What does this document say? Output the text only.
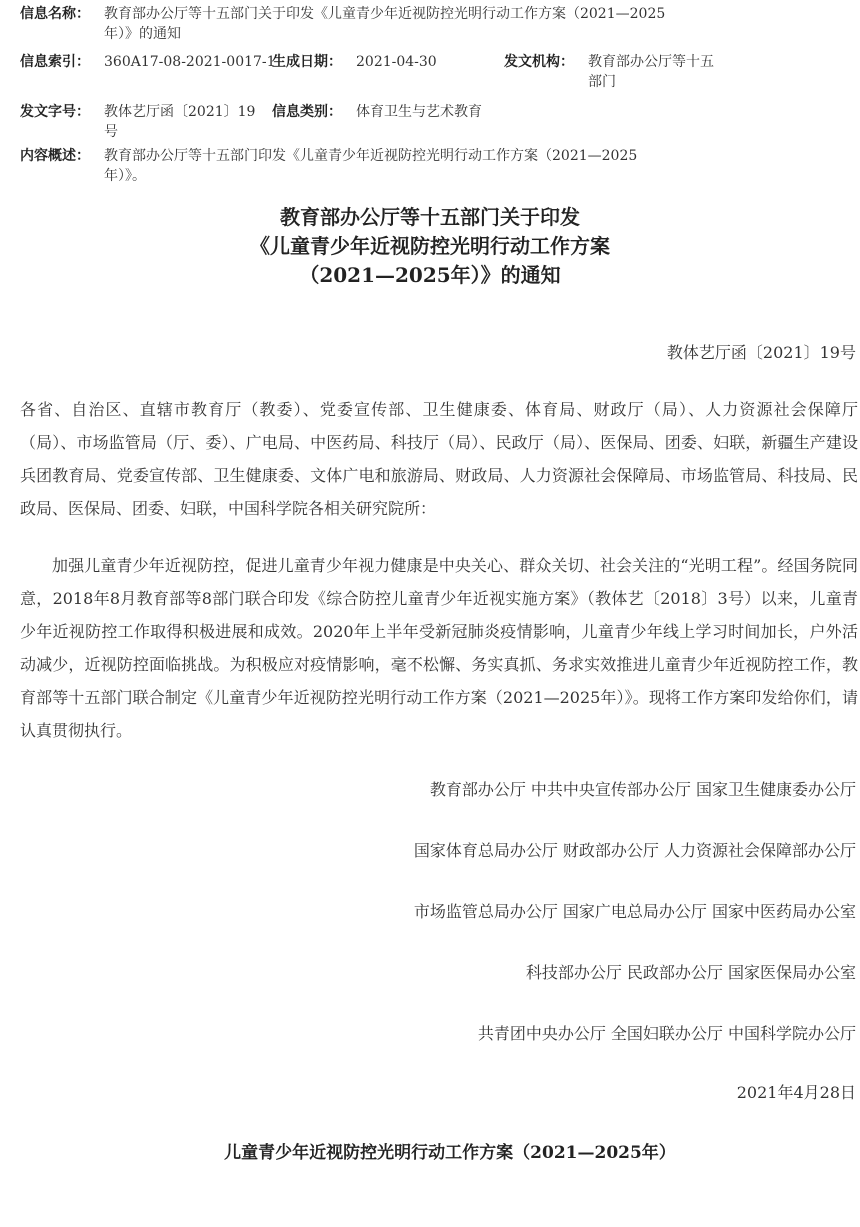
信息名称： 教育部办公厅等十五部门关于印发《儿童青少年近视防控光明行动工作方案（2021—2025
年）》的通知
信息索引： 360A17-08-2021-0017-1
生成日期： 2021-04-30	发文机构： 教育部办公厅等十五
部门
发文字号： 教体艺厅函〔2021〕19
号
信息类别： 体育卫生与艺术教育
内容概述： 教育部办公厅等十五部门印发《儿童青少年近视防控光明行动工作方案（2021—2025
年）》。
教育部办公厅等十五部门关于印发
《儿童青少年近视防控光明行动工作方案
（2021—2025年）》的通知
教体艺厅函〔2021〕19号

各省、自治区、直辖市教育厅（教委）、党委宣传部、卫生健康委、体育局、财政厅（局）、人力资源社会保障厅（局）、市场监管局（厅、委）、广电局、中医药局、科技厅（局）、民政厅（局）、医保局、团委、妇联，新疆生产建设兵团教育局、党委宣传部、卫生健康委、文体广电和旅游局、财政局、人力资源社会保障局、市场监管局、科技局、民政局、医保局、团委、妇联，中国科学院各相关研究院所：

加强儿童青少年近视防控，促进儿童青少年视力健康是中央关心、群众关切、社会关注的“光明工程”。经国务院同意，2018年8月教育部等8部门联合印发《综合防控儿童青少年近视实施方案》（教体艺〔2018〕3号）以来，儿童青少年近视防控工作取得积极进展和成效。2020年上半年受新冠肺炎疫情影响，儿童青少年线上学习时间加长，户外活动减少，近视防控面临挑战。为积极应对疫情影响，毫不松懈、务实真抓、务求实效推进儿童青少年近视防控工作，教育部等十五部门联合制定《儿童青少年近视防控光明行动工作方案（2021—2025年）》。现将工作方案印发给你们，请认真贯彻执行。

教育部办公厅 中共中央宣传部办公厅 国家卫生健康委办公厅
国家体育总局办公厅 财政部办公厅 人力资源社会保障部办公厅
市场监管总局办公厅 国家广电总局办公厅 国家中医药局办公室
科技部办公厅 民政部办公厅 国家医保局办公室
共青团中央办公厅 全国妇联办公厅 中国科学院办公厅
2021年4月28日
儿童青少年近视防控光明行动工作方案（2021—2025年）
